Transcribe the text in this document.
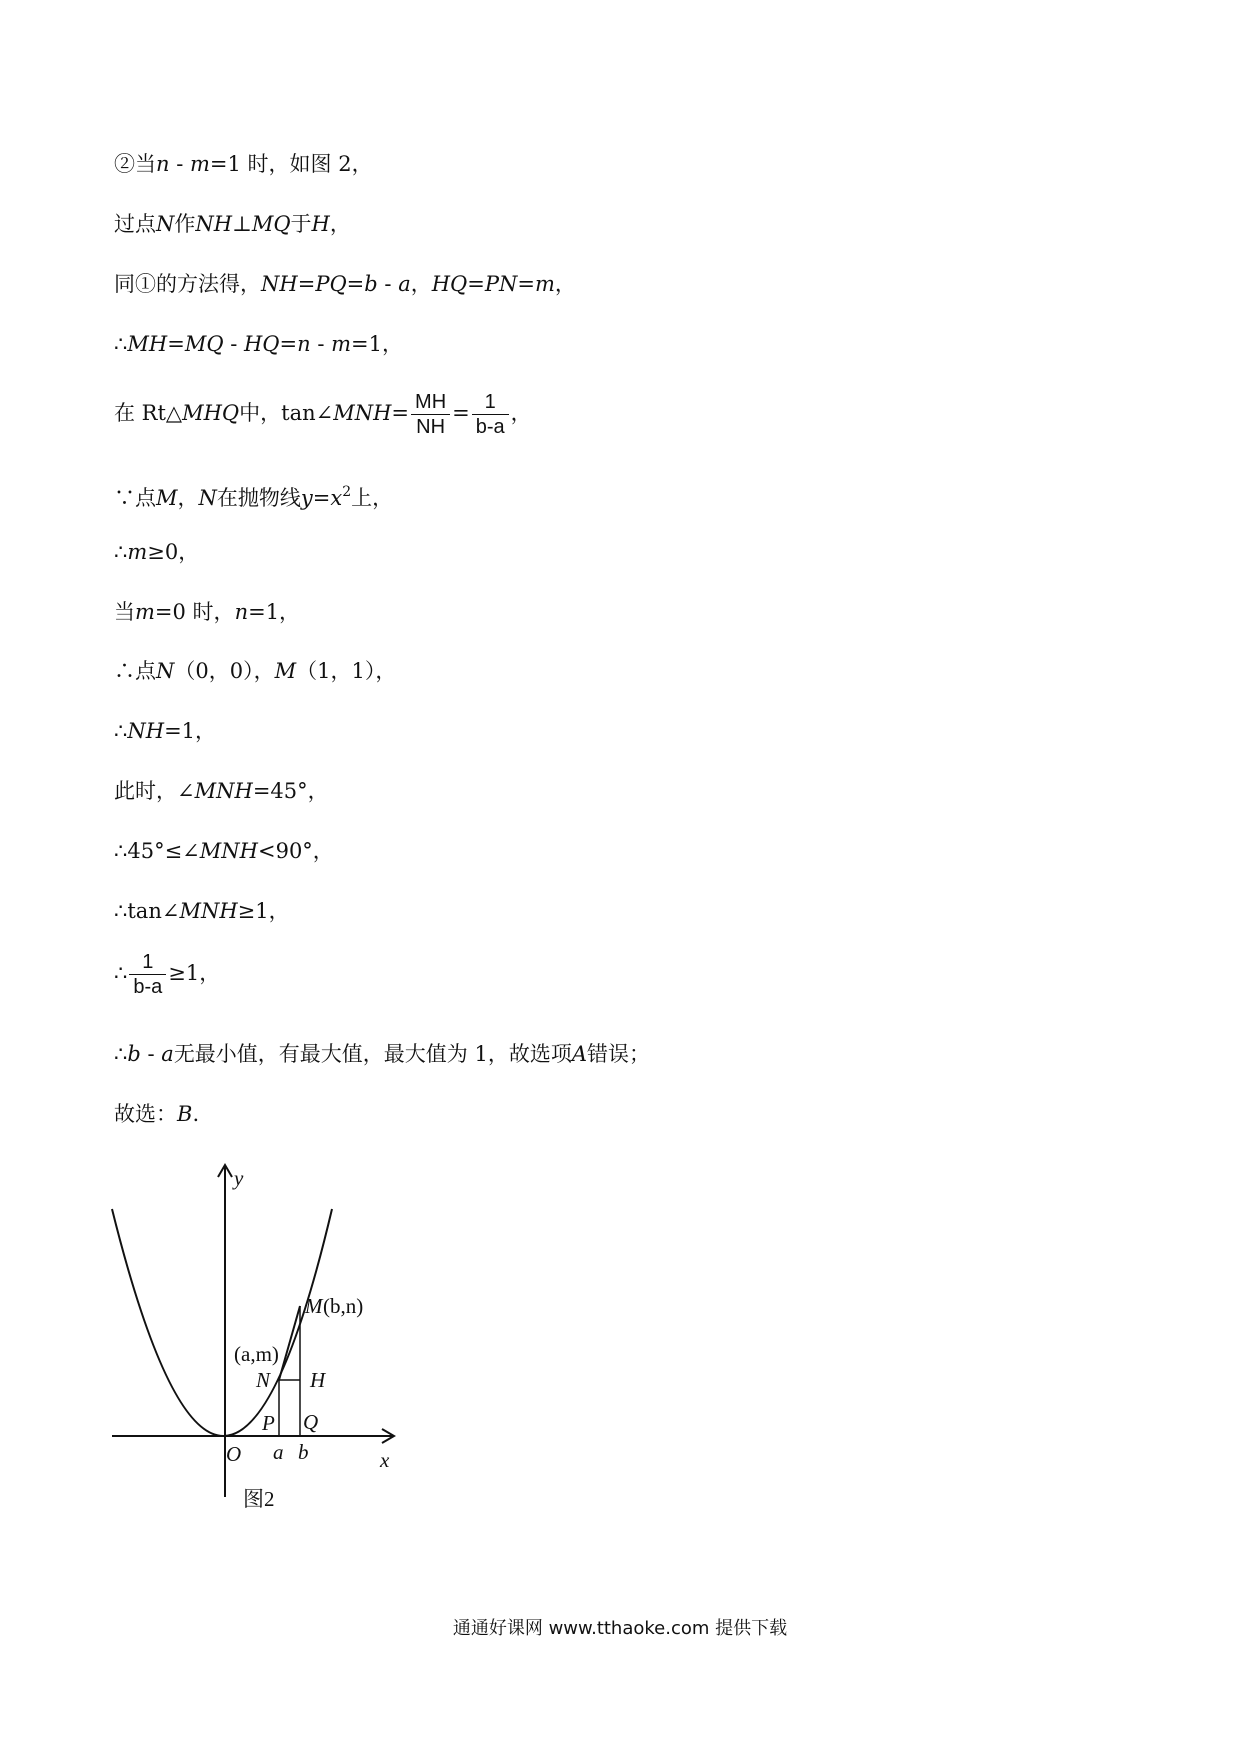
②当n - m=1 时，如图 2，
过点N作NH⊥MQ于H，
同①的方法得，NH=PQ=b - a，HQ=PN=m，
∴MH=MQ - HQ=n - m=1，
在 Rt△MHQ中，tan∠MNH= $\frac{MH}{NH} = \frac{1}{b-a}$ ，
∵点M，N在抛物线$y=x^2$上，
∴m≥0，
当m=0 时，n=1，
∴点N（0，0），M（1，1），
∴NH=1，
此时，∠MNH=45°，
∴45°≤∠MNH<90°，
∴tan∠MNH≥1，
∴ $\frac{1}{b-a} \ge 1$，
∴b - a无最小值，有最大值，最大值为 1，故选项A错误；
故选：B.
y
x
O
M (b,n)
(a,m)
N H
P Q
a b
图2
通通好课网 www.tthaoke.com 提供下载
